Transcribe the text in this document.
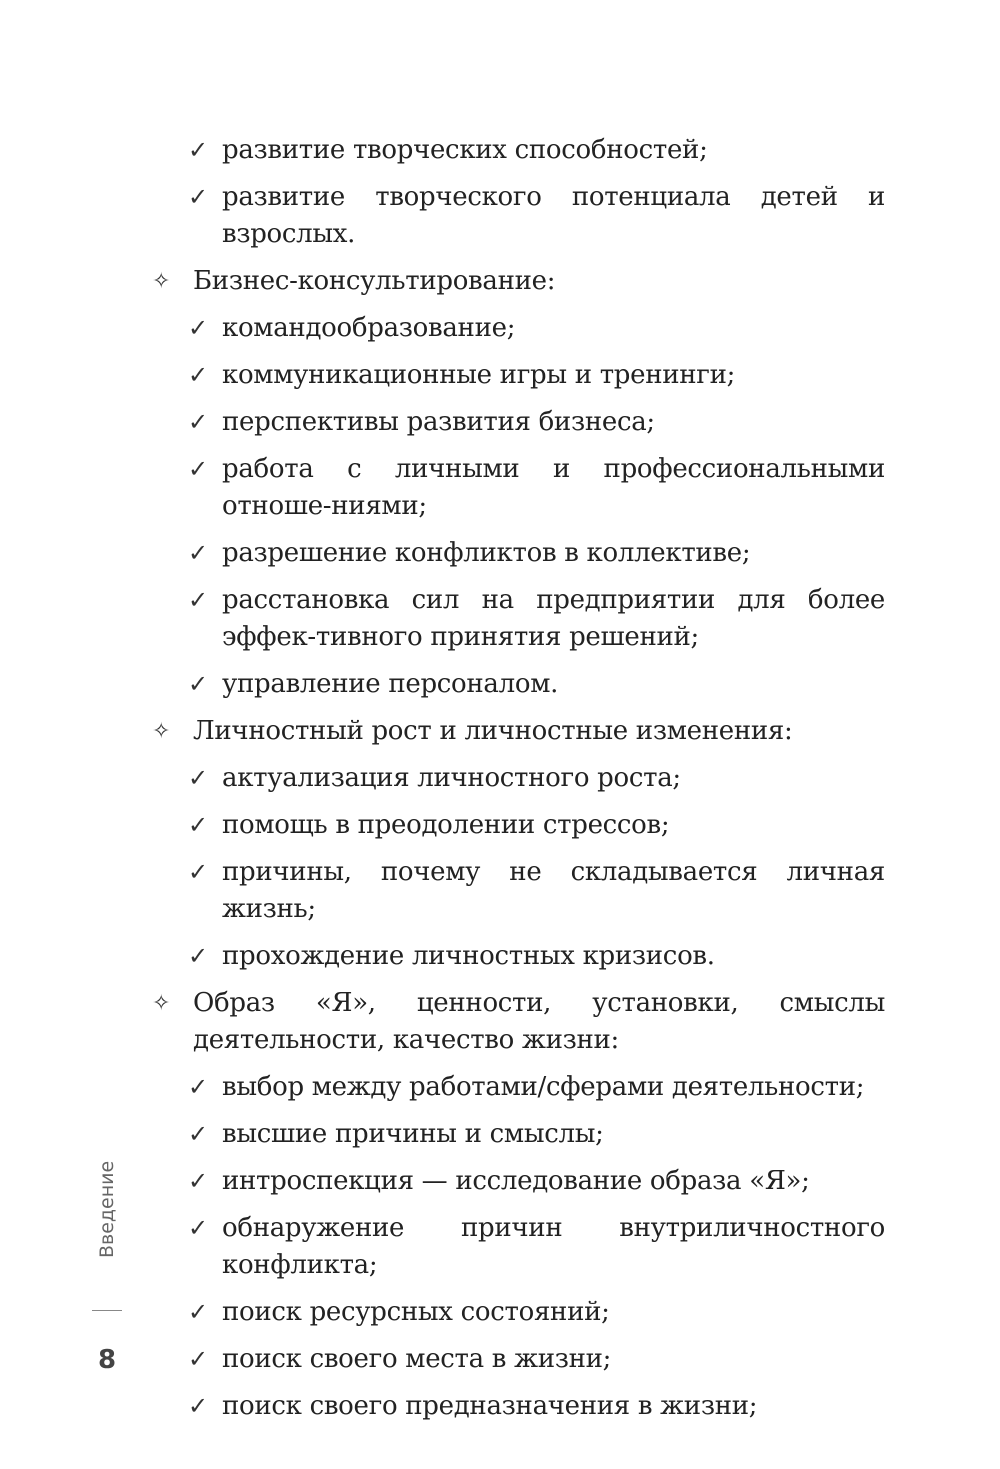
✓ развитие творческих способностей;
✓ развитие творческого потенциала детей и взрослых.
✧ Бизнес-консультирование:
✓ командообразование;
✓ коммуникационные игры и тренинги;
✓ перспективы развития бизнеса;
✓ работа с личными и профессиональными отноше-ниями;
✓ разрешение конфликтов в коллективе;
✓ расстановка сил на предприятии для более эффек-тивного принятия решений;
✓ управление персоналом.
✧ Личностный рост и личностные изменения:
✓ актуализация личностного роста;
✓ помощь в преодолении стрессов;
✓ причины, почему не складывается личная жизнь;
✓ прохождение личностных кризисов.
✧ Образ «Я», ценности, установки, смыслы деятельности, качество жизни:
✓ выбор между работами/сферами деятельности;
✓ высшие причины и смыслы;
✓ интроспекция — исследование образа «Я»;
✓ обнаружение причин внутриличностного конфликта;
✓ поиск ресурсных состояний;
✓ поиск своего места в жизни;
✓ поиск своего предназначения в жизни;
Введение
8
